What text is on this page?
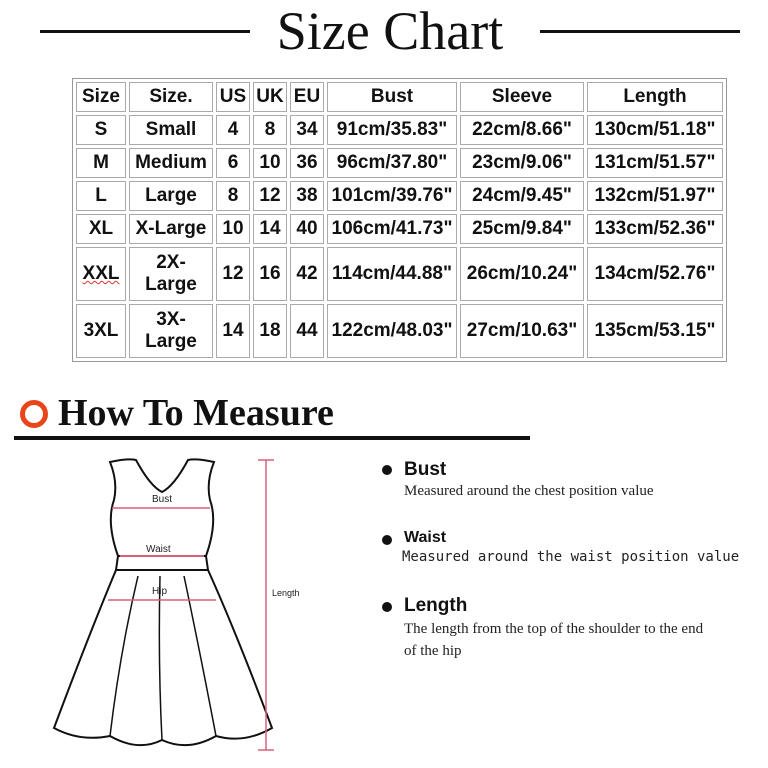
Size Chart
Size	Size.	US	UK	EU	Bust	Sleeve	Length
S	Small	4	8	34	91cm/35.83"	22cm/8.66"	130cm/51.18"
M	Medium	6	10	36	96cm/37.80"	23cm/9.06"	131cm/51.57"
L	Large	8	12	38	101cm/39.76"	24cm/9.45"	132cm/51.97"
XL	X-Large	10	14	40	106cm/41.73"	25cm/9.84"	133cm/52.36"
XXL	2X-Large	12	16	42	114cm/44.88"	26cm/10.24"	134cm/52.76"
3XL	3X-Large	14	18	44	122cm/48.03"	27cm/10.63"	135cm/53.15"
How To Measure
Bust
Waist
Hip	Length
Bust
Measured around the chest position value
Waist
Measured around the waist position value
Length
The length from the top of the shoulder to the end of the hip
